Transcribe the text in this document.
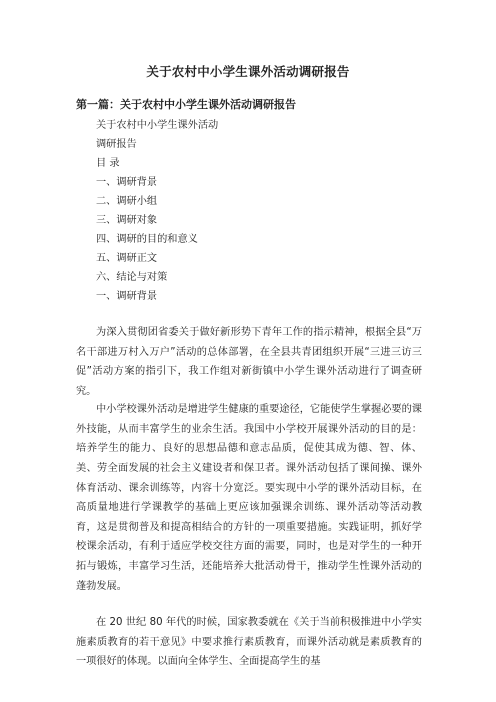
关于农村中小学生课外活动调研报告
第一篇：关于农村中小学生课外活动调研报告
关于农村中小学生课外活动
调研报告
目 录
一、调研背景
二、调研小组
三、调研对象
四、调研的目的和意义
五、调研正文
六、结论与对策
一、调研背景

为深入贯彻团省委关于做好新形势下青年工作的指示精神，根据全县“万名干部进万村入万户”活动的总体部署，在全县共青团组织开展“三进三访三促”活动方案的指引下，我工作组对新街镇中小学生课外活动进行了调查研究。

中小学校课外活动是增进学生健康的重要途径，它能使学生掌握必要的课外技能，从而丰富学生的业余生活。我国中小学校开展课外活动的目的是：培养学生的能力、良好的思想品德和意志品质，促使其成为德、智、体、美、劳全面发展的社会主义建设者和保卫者。课外活动包括了课间操、课外体育活动、课余训练等，内容十分宽泛。要实现中小学的课外活动目标，在高质量地进行学课教学的基础上更应该加强课余训练、课外活动等活动教育，这是贯彻普及和提高相结合的方针的一项重要措施。实践证明，抓好学校课余活动，有利于适应学校交往方面的需要，同时，也是对学生的一种开拓与锻炼，丰富学习生活，还能培养大批活动骨干，推动学生性课外活动的蓬勃发展。

在 20 世纪 80 年代的时候，国家教委就在《关于当前积极推进中小学实施素质教育的若干意见》中要求推行素质教育，而课外活动就是素质教育的一项很好的体现。以面向全体学生、全面提高学生的基
